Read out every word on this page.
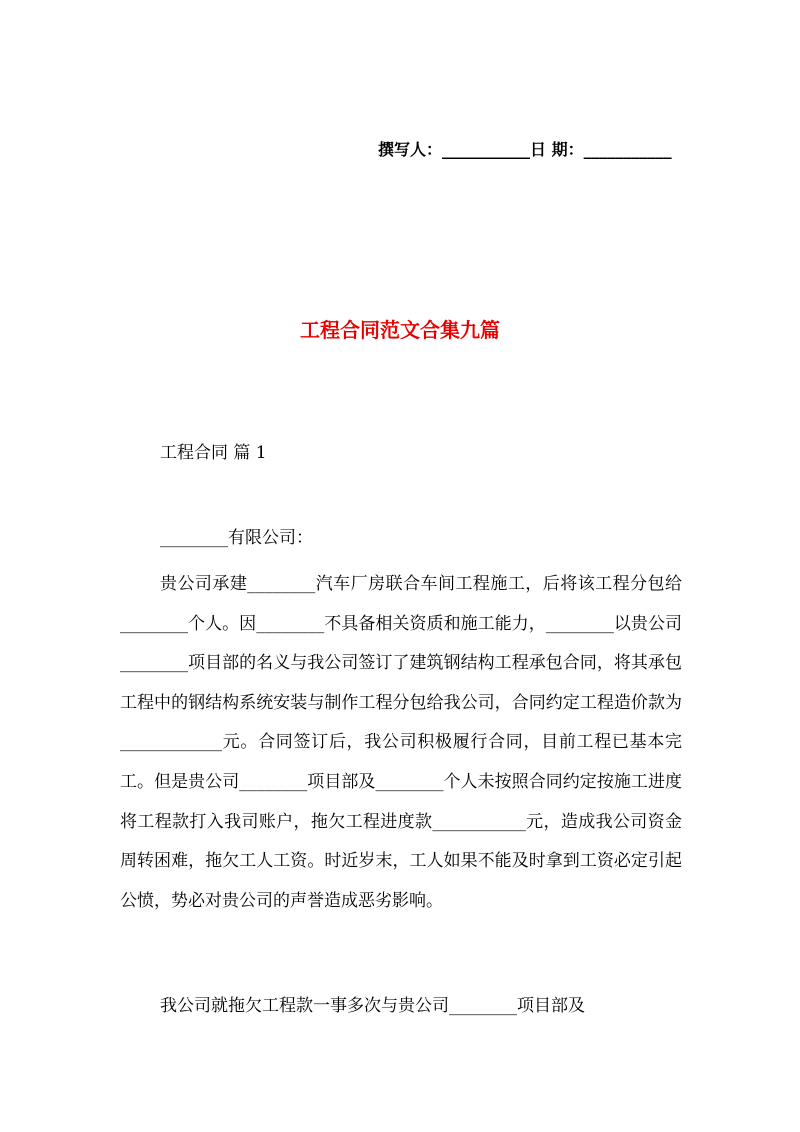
撰写人：___________日 期：___________
工程合同范文合集九篇
工程合同 篇 1
________有限公司：
贵公司承建________汽车厂房联合车间工程施工，后将该工程分包给________个人。因________不具备相关资质和施工能力，________以贵公司________项目部的名义与我公司签订了建筑钢结构工程承包合同，将其承包工程中的钢结构系统安装与制作工程分包给我公司，合同约定工程造价款为____________元。合同签订后，我公司积极履行合同，目前工程已基本完工。但是贵公司________项目部及________个人未按照合同约定按施工进度将工程款打入我司账户，拖欠工程进度款___________元，造成我公司资金周转困难，拖欠工人工资。时近岁末，工人如果不能及时拿到工资必定引起公愤，势必对贵公司的声誉造成恶劣影响。
我公司就拖欠工程款一事多次与贵公司________项目部及
